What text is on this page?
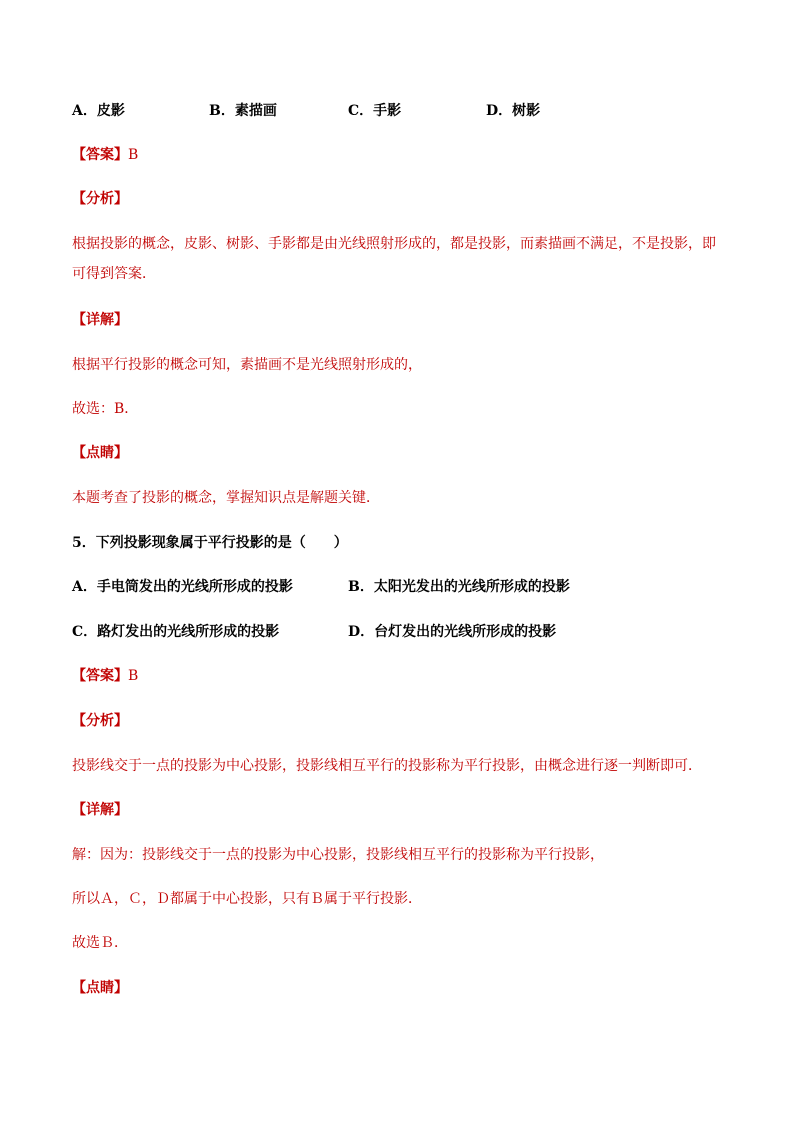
A．皮影	B．素描画	C．手影	D．树影
【答案】B
【分析】
根据投影的概念，皮影、树影、手影都是由光线照射形成的，都是投影，而素描画不满足，不是投影，即
可得到答案．
【详解】
根据平行投影的概念可知，素描画不是光线照射形成的，
故选：B．
【点睛】
本题考查了投影的概念，掌握知识点是解题关键．
5．下列投影现象属于平行投影的是（　　）
A．手电筒发出的光线所形成的投影	B．太阳光发出的光线所形成的投影
C．路灯发出的光线所形成的投影	D．台灯发出的光线所形成的投影
【答案】B
【分析】
投影线交于一点的投影为中心投影，投影线相互平行的投影称为平行投影，由概念进行逐一判断即可．
【详解】
解：因为：投影线交于一点的投影为中心投影，投影线相互平行的投影称为平行投影，
所以Ａ，Ｃ，Ｄ都属于中心投影，只有Ｂ属于平行投影．
故选Ｂ．
【点睛】
